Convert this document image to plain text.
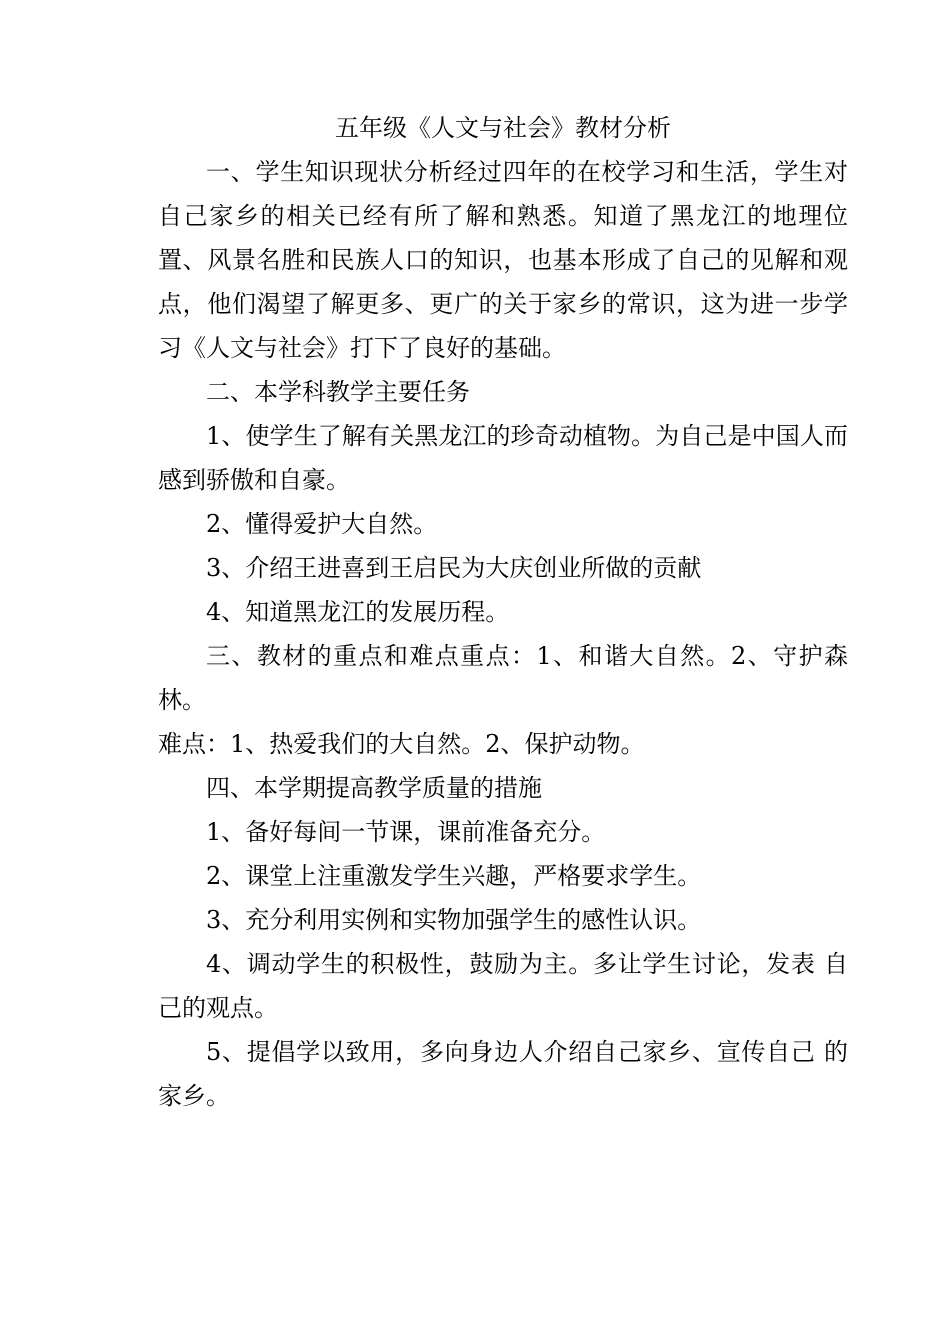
五年级《人文与社会》教材分析

一、学生知识现状分析经过四年的在校学习和生活，学生对自己家乡的相关已经有所了解和熟悉。知道了黑龙江的地理位置、风景名胜和民族人口的知识，也基本形成了自己的见解和观点，他们渴望了解更多、更广的关于家乡的常识，这为进一步学习《人文与社会》打下了良好的基础。

二、本学科教学主要任务

1、使学生了解有关黑龙江的珍奇动植物。为自己是中国人而感到骄傲和自豪。

2、懂得爱护大自然。

3、介绍王进喜到王启民为大庆创业所做的贡献

4、知道黑龙江的发展历程。

三、教材的重点和难点重点：1、和谐大自然。2、守护森林。

难点：1、热爱我们的大自然。2、保护动物。

四、本学期提高教学质量的措施

1、备好每间一节课，课前准备充分。

2、课堂上注重激发学生兴趣，严格要求学生。

3、充分利用实例和实物加强学生的感性认识。

4、调动学生的积极性，鼓励为主。多让学生讨论，发表 自己的观点。

5、提倡学以致用，多向身边人介绍自己家乡、宣传自己 的家乡。
